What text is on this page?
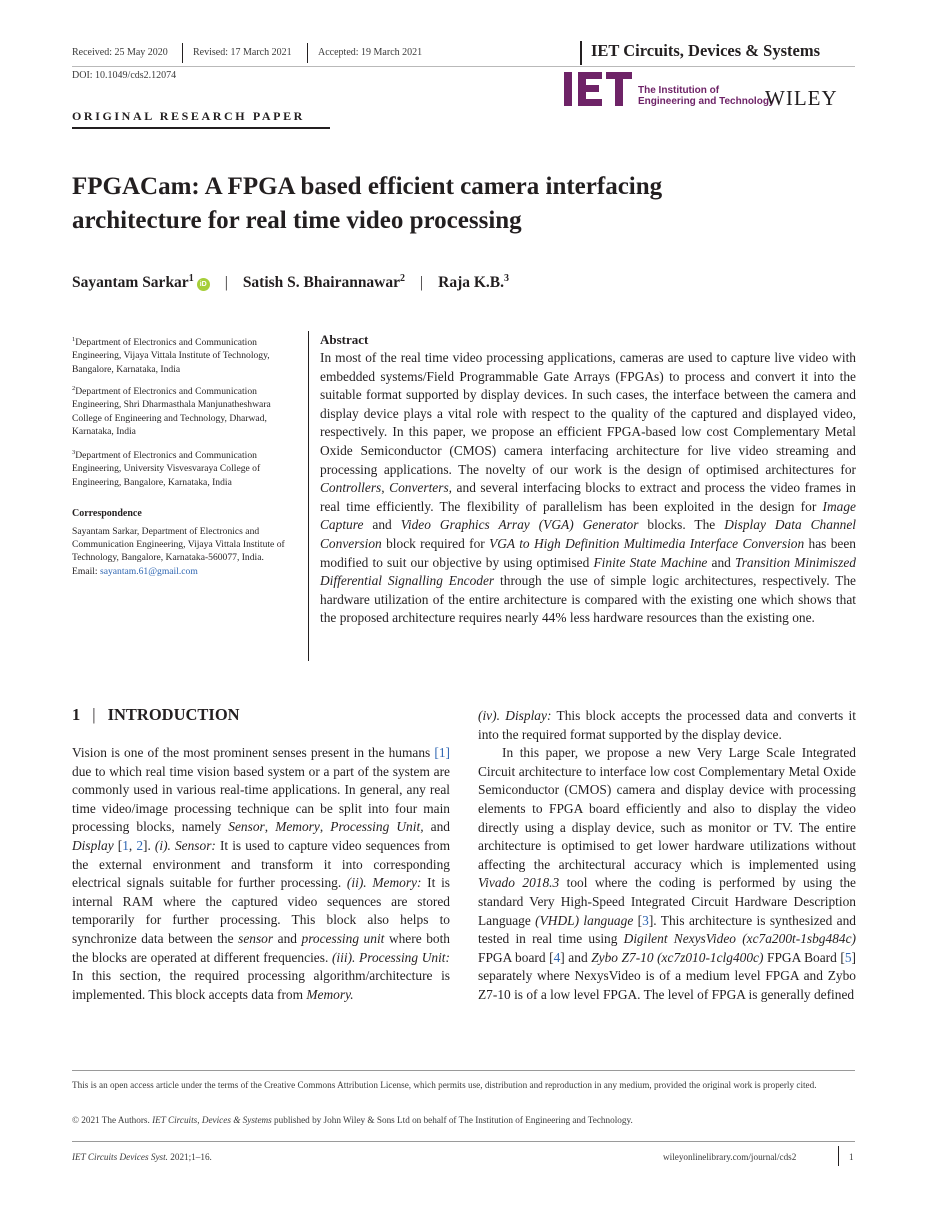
Received: 25 May 2020	Revised: 17 March 2021	Accepted: 19 March 2021
DOI: 10.1049/cds2.12074
IET Circuits, Devices & Systems
The Institution of
Engineering and Technology
WILEY
ORIGINAL RESEARCH PAPER
FPGACam: A FPGA based efficient camera interfacing
architecture for real time video processing
Sayantam Sarkar$^1$iD | Satish S. Bhairannawar$^2$ | Raja K.B.$^3$
$^1$Department of Electronics and Communication Engineering, Vijaya Vittala Institute of Technology, Bangalore, Karnataka, India
$^2$Department of Electronics and Communication Engineering, Shri Dharmasthala Manjunatheshwara College of Engineering and Technology, Dharwad, Karnataka, India
$^3$Department of Electronics and Communication Engineering, University Visvesvaraya College of Engineering, Bangalore, Karnataka, India
Correspondence
Sayantam Sarkar, Department of Electronics and Communication Engineering, Vijaya Vittala Institute of Technology, Bangalore, Karnataka-560077, India.
Email: sayantam.61@gmail.com
Abstract
In most of the real time video processing applications, cameras are used to capture live video with embedded systems/Field Programmable Gate Arrays (FPGAs) to process and convert it into the suitable format supported by display devices. In such cases, the interface between the camera and display device plays a vital role with respect to the quality of the captured and displayed video, respectively. In this paper, we propose an efficient FPGA-based low cost Complementary Metal Oxide Semiconductor (CMOS) camera interfacing architecture for live video streaming and processing applications. The novelty of our work is the design of optimised architectures for Controllers, Converters, and several interfacing blocks to extract and process the video frames in real time efficiently. The flexibility of parallelism has been exploited in the design for Image Capture and Video Graphics Array (VGA) Generator blocks. The Display Data Channel Conversion block required for VGA to High Definition Multimedia Interface Conversion has been modified to suit our objective by using optimised Finite State Machine and Transition Minimiszed Differential Signalling Encoder through the use of simple logic architectures, respectively. The hardware utilization of the entire architecture is compared with the existing one which shows that the proposed architecture requires nearly 44% less hardware resources than the existing one.
1 | INTRODUCTION
Vision is one of the most prominent senses present in the humans [1] due to which real time vision based system or a part of the system are commonly used in various real-time applications. In general, any real time video/image processing technique can be split into four main processing blocks, namely Sensor, Memory, Processing Unit, and Display [1, 2]. (i). Sensor: It is used to capture video sequences from the external environment and transform it into corresponding electrical signals suitable for further processing. (ii). Memory: It is internal RAM where the captured video sequences are stored temporarily for further processing. This block also helps to synchronize data between the sensor and processing unit where both the blocks are operated at different frequencies. (iii). Processing Unit: In this section, the required processing algorithm/architecture is implemented. This block accepts data from Memory.
(iv). Display: This block accepts the processed data and converts it into the required format supported by the display device.
In this paper, we propose a new Very Large Scale Integrated Circuit architecture to interface low cost Complementary Metal Oxide Semiconductor (CMOS) camera and display device with processing elements to FPGA board efficiently and also to display the video directly using a display device, such as monitor or TV. The entire architecture is optimised to get lower hardware utilizations without affecting the architectural accuracy which is implemented using Vivado 2018.3 tool where the coding is performed by using the standard Very High-Speed Integrated Circuit Hardware Description Language (VHDL) language [3]. This architecture is synthesized and tested in real time using Digilent NexysVideo (xc7a200t-1sbg484c) FPGA board [4] and Zybo Z7-10 (xc7z010-1clg400c) FPGA Board [5] separately where NexysVideo is of a medium level FPGA and Zybo Z7-10 is of a low level FPGA. The level of FPGA is generally defined
This is an open access article under the terms of the Creative Commons Attribution License, which permits use, distribution and reproduction in any medium, provided the original work is properly cited.
© 2021 The Authors. IET Circuits, Devices & Systems published by John Wiley & Sons Ltd on behalf of The Institution of Engineering and Technology.
IET Circuits Devices Syst. 2021;1–16.	wileyonlinelibrary.com/journal/cds2	1
